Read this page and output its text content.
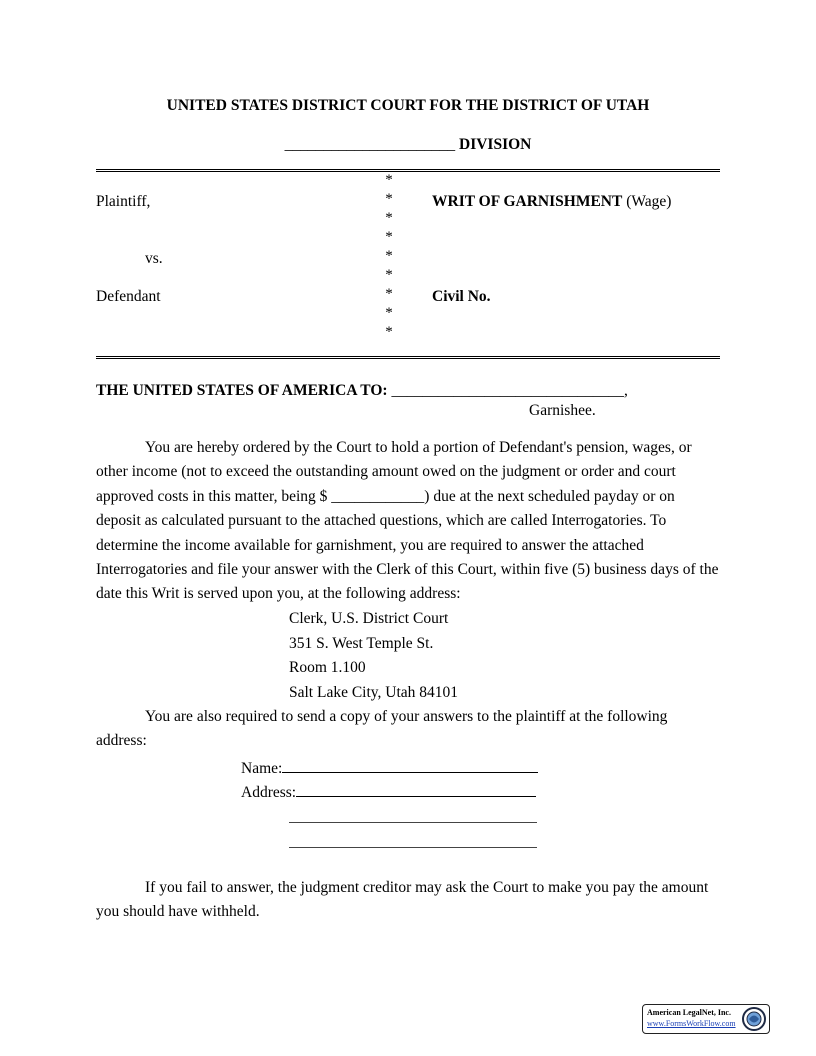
UNITED STATES DISTRICT COURT FOR THE DISTRICT OF UTAH
______________________ DIVISION
Plaintiff,
vs.
Defendant
*
*
*
*
*
*
*
*
*
WRIT OF GARNISHMENT (Wage)
Civil No.
THE UNITED STATES OF AMERICA TO: ______________________________,
Garnishee.
You are hereby ordered by the Court to hold a portion of Defendant's pension, wages, or other income (not to exceed the outstanding amount owed on the judgment or order and court approved costs in this matter, being $ ____________) due at the next scheduled payday or on deposit as calculated pursuant to the attached questions, which are called Interrogatories. To determine the income available for garnishment, you are required to answer the attached Interrogatories and file your answer with the Clerk of this Court, within five (5) business days of the date this Writ is served upon you, at the following address:
Clerk, U.S. District Court
351 S. West Temple St.
Room 1.100
Salt Lake City, Utah 84101
You are also required to send a copy of your answers to the plaintiff at the following address:
Name:
Address:
If you fail to answer, the judgment creditor may ask the Court to make you pay the amount you should have withheld.
American LegalNet, Inc.
www.FormsWorkFlow.com
